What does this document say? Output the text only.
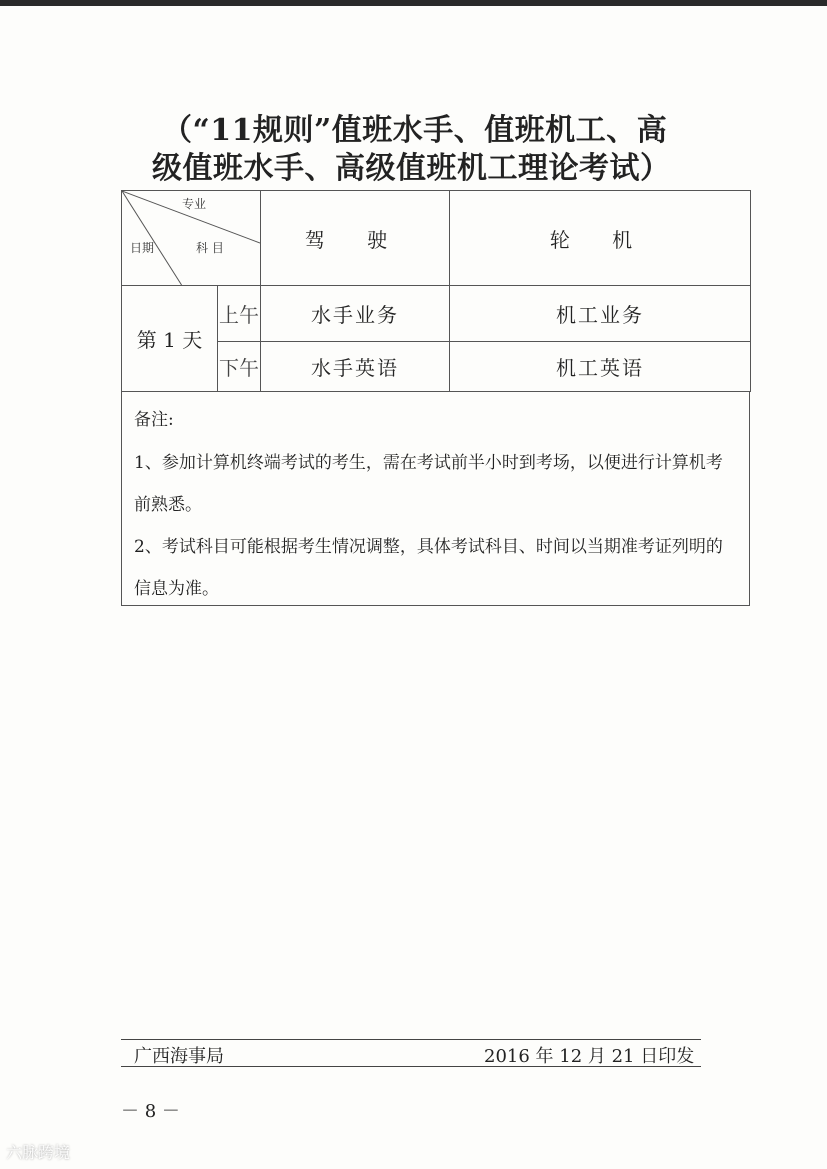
（“11规则”值班水手、值班机工、高
级值班水手、高级值班机工理论考试）
专业
日期 科 目		驾 驶	轮 机
第 1 天	上午	水手业务	机工业务
	下午	水手英语	机工英语

备注:

1、参加计算机终端考试的考生，需在考试前半小时到考场，以便进行计算机考前熟悉。

2、考试科目可能根据考生情况调整，具体考试科目、时间以当期准考证列明的信息为准。

广西海事局	2016 年 12 月 21 日印发
－ 8 －
六脉跨境
